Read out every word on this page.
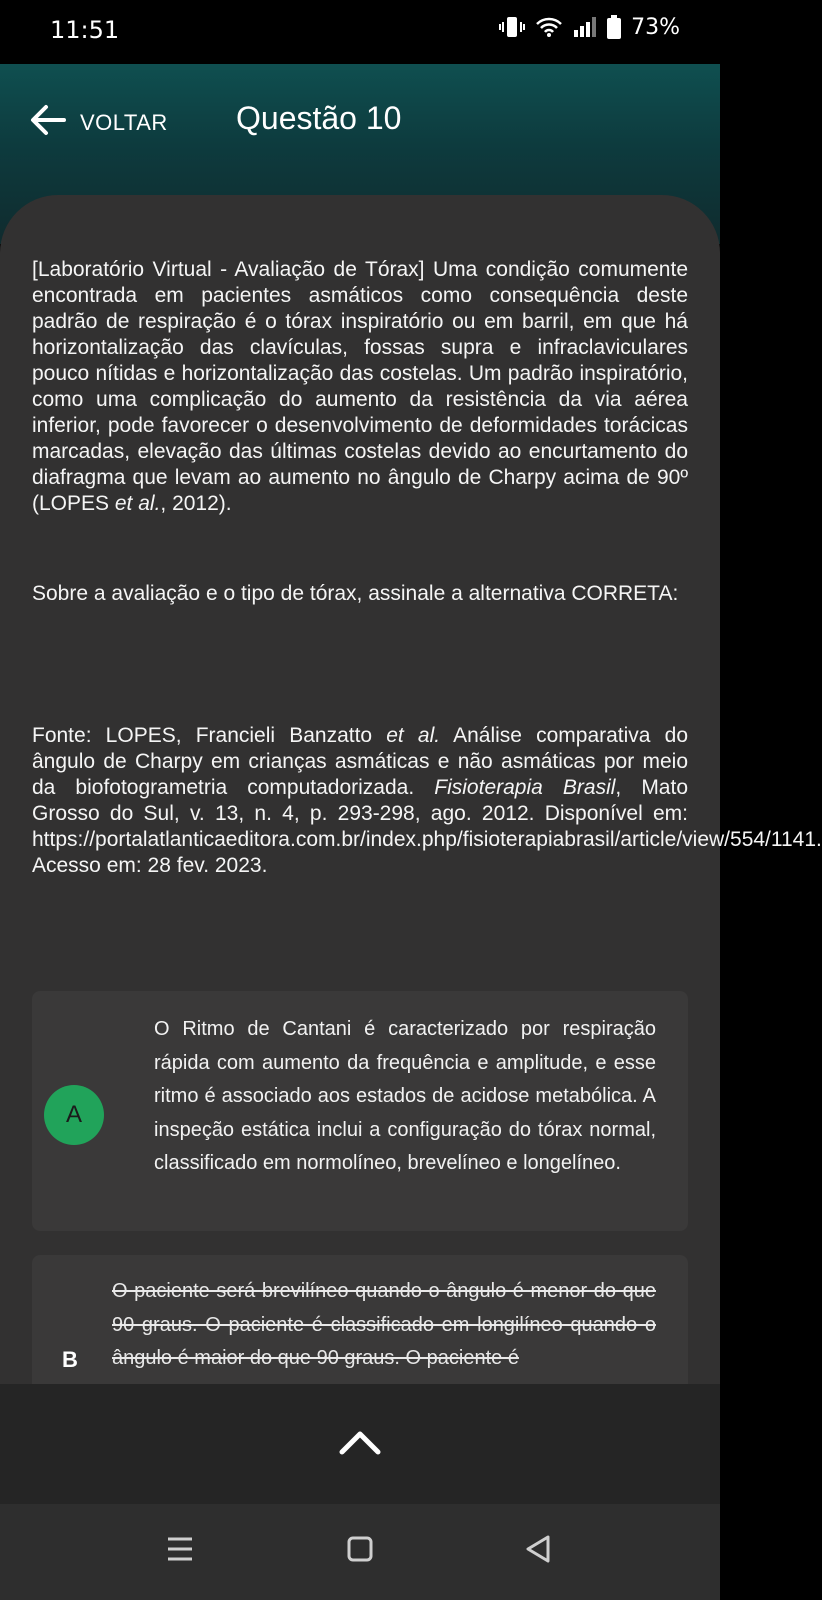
11:51	73%
VOLTAR Questão 10

[Laboratório Virtual - Avaliação de Tórax] Uma condição comumente encontrada em pacientes asmáticos como consequência deste padrão de respiração é o tórax inspiratório ou em barril, em que há horizontalização das clavículas, fossas supra e infraclaviculares pouco nítidas e horizontalização das costelas. Um padrão inspiratório, como uma complicação do aumento da resistência da via aérea inferior, pode favorecer o desenvolvimento de deformidades torácicas marcadas, elevação das últimas costelas devido ao encurtamento do diafragma que levam ao aumento no ângulo de Charpy acima de 90º (LOPES et al., 2012).

Sobre a avaliação e o tipo de tórax, assinale a alternativa CORRETA:

Fonte: LOPES, Francieli Banzatto et al. Análise comparativa do ângulo de Charpy em crianças asmáticas e não asmáticas por meio da biofotogrametria computadorizada. Fisioterapia Brasil, Mato Grosso do Sul, v. 13, n. 4, p. 293-298, ago. 2012. Disponível em: https://portalatlanticaeditora.com.br/index.php/fisioterapiabrasil/article/view/554/1141. Acesso em: 28 fev. 2023.

A

O Ritmo de Cantani é caracterizado por respiração rápida com aumento da frequência e amplitude, e esse ritmo é associado aos estados de acidose metabólica. A inspeção estática inclui a configuração do tórax normal, classificado em normolíneo, brevelíneo e longelíneo.

B

O paciente será brevilíneo quando o ângulo é menor do que 90 graus. O paciente é classificado em longilíneo quando o ângulo é maior do que 90 graus. O paciente é
